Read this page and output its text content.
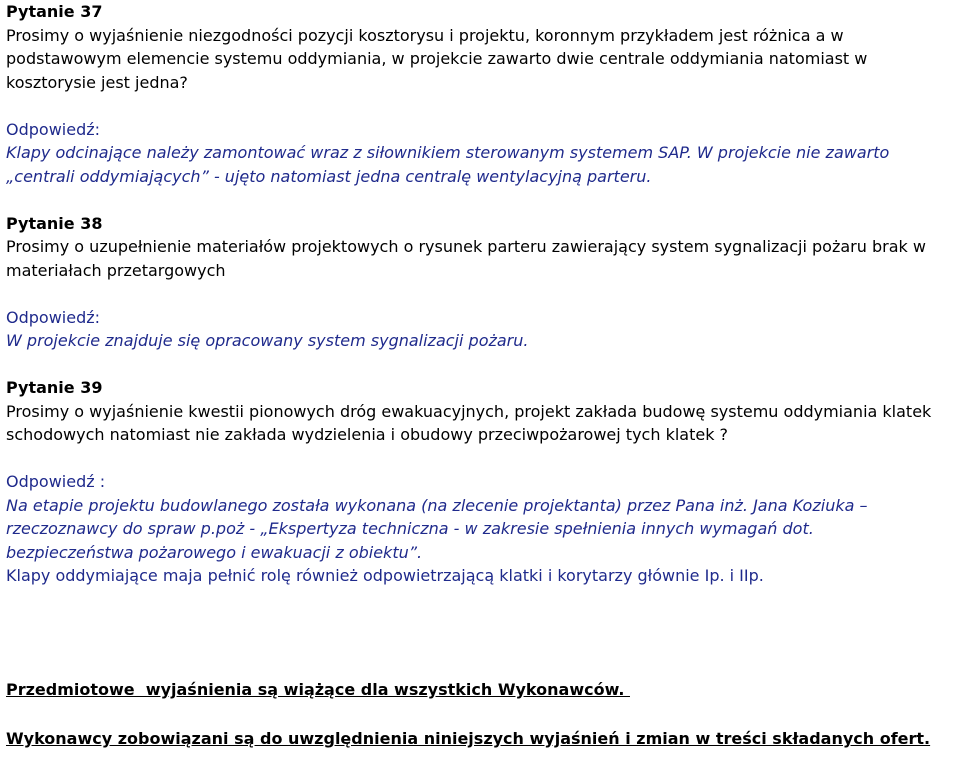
Pytanie 37

Prosimy o wyjaśnienie niezgodności pozycji kosztorysu i projektu, koronnym przykładem jest różnica a w podstawowym elemencie systemu oddymiania, w projekcie zawarto dwie centrale oddymiania natomiast w kosztorysie jest jedna?

Odpowiedź:

Klapy odcinające należy zamontować wraz z siłownikiem sterowanym systemem SAP. W projekcie nie zawarto „centrali oddymiających” - ujęto natomiast jedna centralę wentylacyjną parteru.

Pytanie 38

Prosimy o uzupełnienie materiałów projektowych o rysunek parteru zawierający system sygnalizacji pożaru brak w materiałach przetargowych

Odpowiedź:

W projekcie znajduje się opracowany system sygnalizacji pożaru.

Pytanie 39

Prosimy o wyjaśnienie kwestii pionowych dróg ewakuacyjnych, projekt zakłada budowę systemu oddymiania klatek schodowych natomiast nie zakłada wydzielenia i obudowy przeciwpożarowej tych klatek ?

Odpowiedź :

Na etapie projektu budowlanego została wykonana (na zlecenie projektanta) przez Pana inż. Jana Koziuka –
rzeczoznawcy do spraw p.poż - „Ekspertyza techniczna - w zakresie spełnienia innych wymagań dot.
bezpieczeństwa pożarowego i ewakuacji z obiektu”.
Klapy oddymiające maja pełnić rolę również odpowietrzającą klatki i korytarzy głównie Ip. i IIp.

Przedmiotowe  wyjaśnienia są wiążące dla wszystkich Wykonawców.

Wykonawcy zobowiązani są do uwzględnienia niniejszych wyjaśnień i zmian w treści składanych ofert.
